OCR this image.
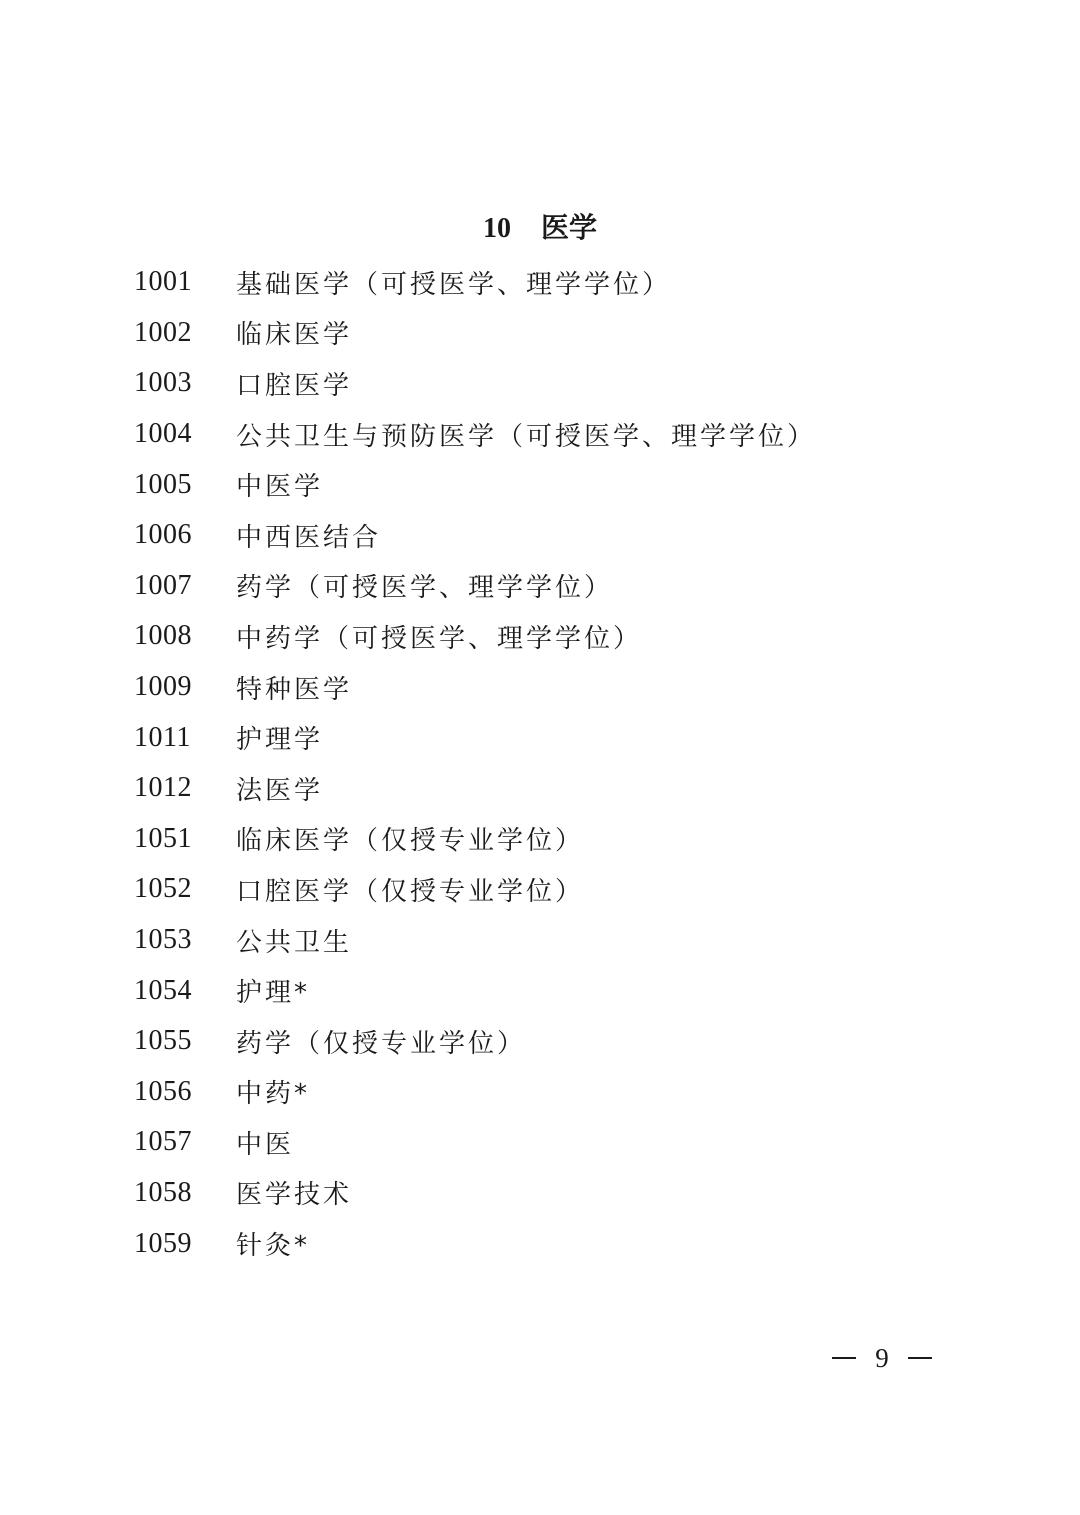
10 医学
1001	基础医学（可授医学、理学学位）
1002	临床医学
1003	口腔医学
1004	公共卫生与预防医学（可授医学、理学学位）
1005	中医学
1006	中西医结合
1007	药学（可授医学、理学学位）
1008	中药学（可授医学、理学学位）
1009	特种医学
1011	护理学
1012	法医学
1051	临床医学（仅授专业学位）
1052	口腔医学（仅授专业学位）
1053	公共卫生
1054	护理*
1055	药学（仅授专业学位）
1056	中药*
1057	中医
1058	医学技术
1059	针灸*
9
